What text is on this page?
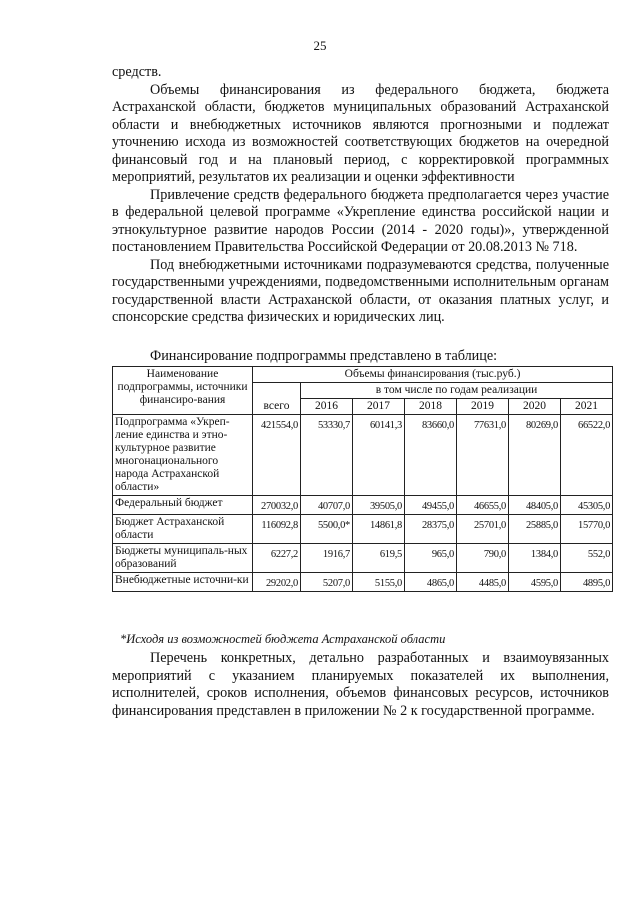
25

средств.

Объемы финансирования из федерального бюджета, бюджета Астраханской области, бюджетов муниципальных образований Астраханской области и внебюджетных источников являются прогнозными и подлежат уточнению исхода из возможностей соответствующих бюджетов на очередной финансовый год и на плановый период, с корректировкой программных мероприятий, результатов их реализации и оценки эффективности

Привлечение средств федерального бюджета предполагается через участие в федеральной целевой программе «Укрепление единства российской нации и этнокультурное развитие народов России (2014 - 2020 годы)», утвержденной постановлением Правительства Российской Федерации от 20.08.2013 № 718.

Под внебюджетными источниками подразумеваются средства, полученные государственными учреждениями, подведомственными исполнительным органам государственной власти Астраханской области, от оказания платных услуг, и спонсорские средства физических и юридических лиц.

Финансирование подпрограммы представлено в таблице:
Наименование подпрограммы, источники финансиро-вания	Объемы финансирования (тыс.руб.)						
	всего	в том числе по годам реализации					
		2016	2017	2018	2019	2020	2021
Подпрограмма «Укреп-ление единства и этно-культурное развитие многонационального народа Астраханской области»	421554,0	53330,7	60141,3	83660,0	77631,0	80269,0	66522,0
Федеральный бюджет	270032,0	40707,0	39505,0	49455,0	46655,0	48405,0	45305,0
Бюджет Астраханской области	116092,8	5500,0*	14861,8	28375,0	25701,0	25885,0	15770,0
Бюджеты муниципаль-ных образований	6227,2	1916,7	619,5	965,0	790,0	1384,0	552,0
Внебюджетные источни-ки	29202,0	5207,0	5155,0	4865,0	4485,0	4595,0	4895,0
*Исходя из возможностей бюджета Астраханской области

Перечень конкретных, детально разработанных и взаимоувязанных мероприятий с указанием планируемых показателей их выполнения, исполнителей, сроков исполнения, объемов финансовых ресурсов, источников финансирования представлен в приложении № 2 к государственной программе.
